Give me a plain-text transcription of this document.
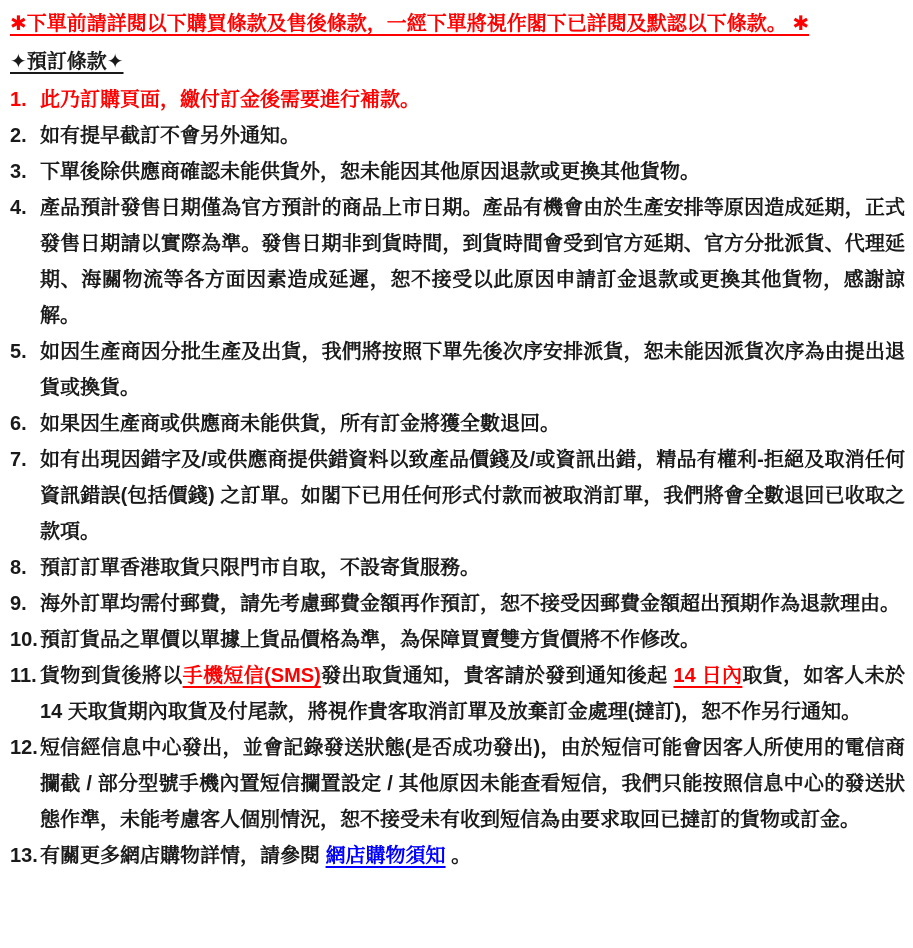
✱下單前請詳閱以下購買條款及售後條款，一經下單將視作閣下已詳閱及默認以下條款。 ✱

✦預訂條款✦
1. 此乃訂購頁面，繳付訂金後需要進行補款。
2. 如有提早截訂不會另外通知。
3. 下單後除供應商確認未能供貨外，恕未能因其他原因退款或更換其他貨物。
4. 產品預計發售日期僅為官方預計的商品上市日期。產品有機會由於生產安排等原因造成延期，正式發售日期請以實際為準。發售日期非到貨時間，到貨時間會受到官方延期、官方分批派貨、代理延期、海關物流等各方面因素造成延遲，恕不接受以此原因申請訂金退款或更換其他貨物，感謝諒解。
5. 如因生產商因分批生產及出貨，我們將按照下單先後次序安排派貨，恕未能因派貨次序為由提出退貨或換貨。
6. 如果因生產商或供應商未能供貨，所有訂金將獲全數退回。
7. 如有出現因錯字及/或供應商提供錯資料以致產品價錢及/或資訊出錯，精品有權利-拒絕及取消任何資訊錯誤(包括價錢) 之訂單。如閣下已用任何形式付款而被取消訂單，我們將會全數退回已收取之款項。
8. 預訂訂單香港取貨只限門市自取，不設寄貨服務。
9. 海外訂單均需付郵費，請先考慮郵費金額再作預訂，恕不接受因郵費金額超出預期作為退款理由。
10. 預訂貨品之單價以單據上貨品價格為準，為保障買賣雙方貨價將不作修改。
11. 貨物到貨後將以手機短信(SMS)發出取貨通知，貴客請於發到通知後起 14 日內取貨，如客人未於 14 天取貨期內取貨及付尾款，將視作貴客取消訂單及放棄訂金處理(撻訂)，恕不作另行通知。
12. 短信經信息中心發出，並會記錄發送狀態(是否成功發出)，由於短信可能會因客人所使用的電信商攔截 / 部分型號手機內置短信攔置設定 / 其他原因未能查看短信，我們只能按照信息中心的發送狀態作準，未能考慮客人個別情況，恕不接受未有收到短信為由要求取回已撻訂的貨物或訂金。
13. 有關更多網店購物詳情，請參閱 網店購物須知 。
